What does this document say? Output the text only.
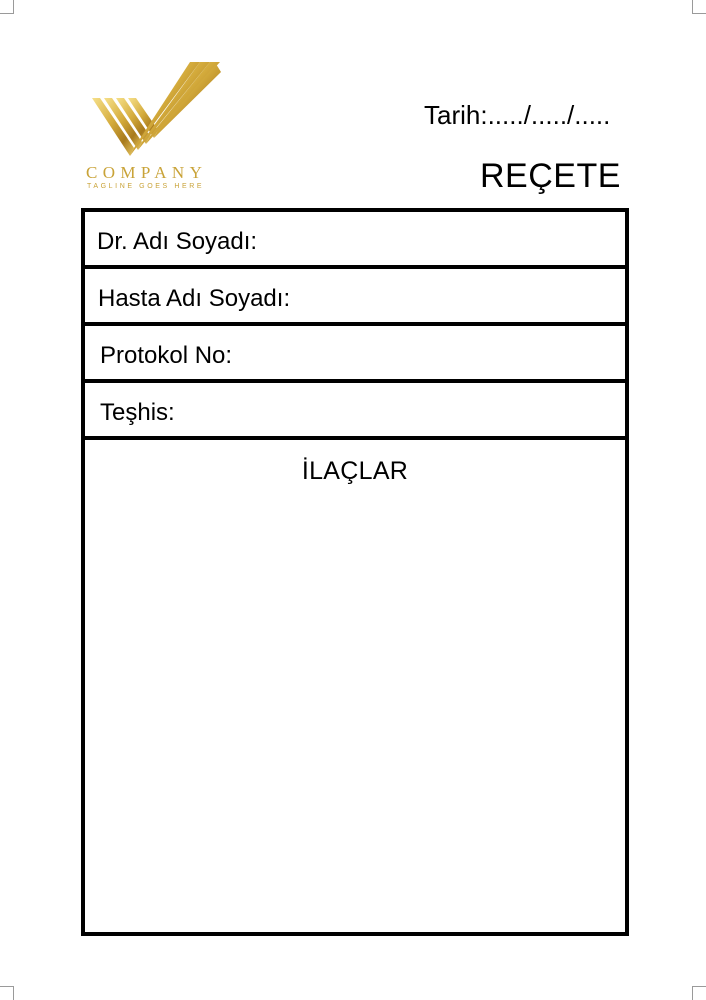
COMPANY
TAGLINE GOES HERE
Tarih:...../...../.....
REÇETE
Dr. Adı Soyadı:
Hasta Adı Soyadı:
Protokol No:
Teşhis:
İLAÇLAR
